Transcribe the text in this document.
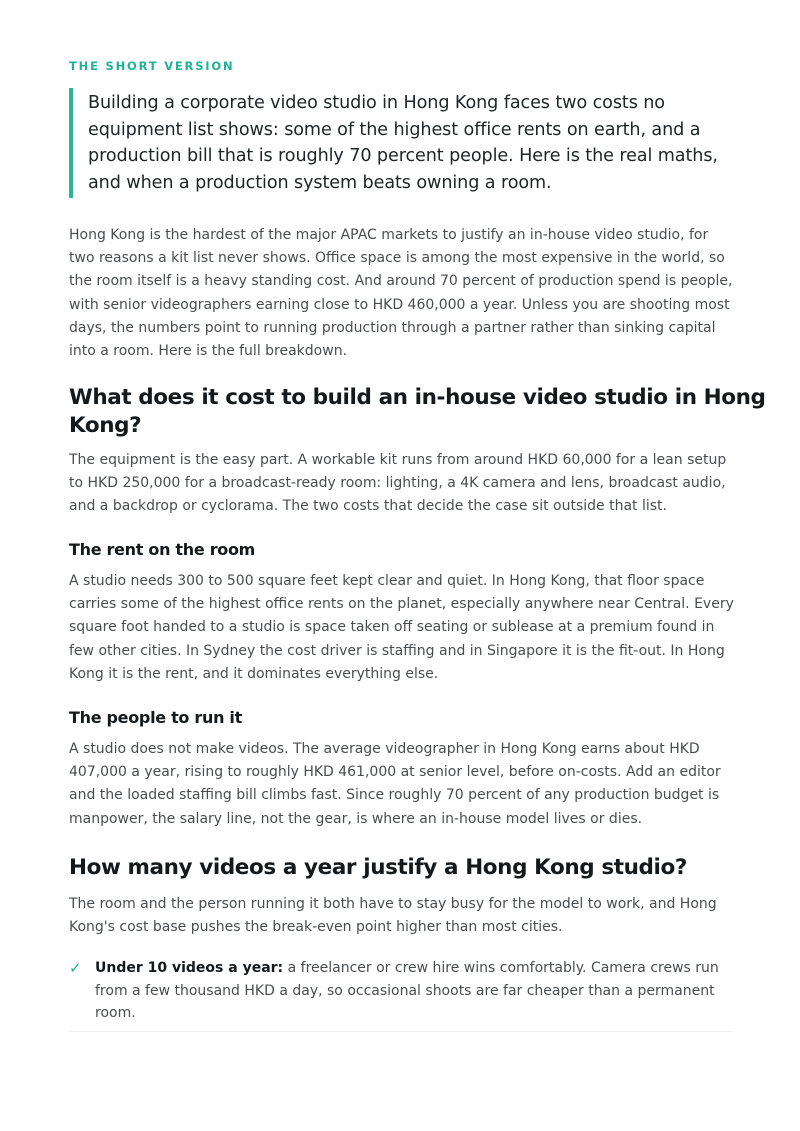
THE SHORT VERSION
Building a corporate video studio in Hong Kong faces two costs no
equipment list shows: some of the highest office rents on earth, and a
production bill that is roughly 70 percent people. Here is the real maths,
and when a production system beats owning a room.
Hong Kong is the hardest of the major APAC markets to justify an in-house video studio, for
two reasons a kit list never shows. Office space is among the most expensive in the world, so
the room itself is a heavy standing cost. And around 70 percent of production spend is people,
with senior videographers earning close to HKD 460,000 a year. Unless you are shooting most
days, the numbers point to running production through a partner rather than sinking capital
into a room. Here is the full breakdown.
What does it cost to build an in-house video studio in Hong
Kong?
The equipment is the easy part. A workable kit runs from around HKD 60,000 for a lean setup
to HKD 250,000 for a broadcast-ready room: lighting, a 4K camera and lens, broadcast audio,
and a backdrop or cyclorama. The two costs that decide the case sit outside that list.
The rent on the room
A studio needs 300 to 500 square feet kept clear and quiet. In Hong Kong, that floor space
carries some of the highest office rents on the planet, especially anywhere near Central. Every
square foot handed to a studio is space taken off seating or sublease at a premium found in
few other cities. In Sydney the cost driver is staffing and in Singapore it is the fit-out. In Hong
Kong it is the rent, and it dominates everything else.
The people to run it
A studio does not make videos. The average videographer in Hong Kong earns about HKD
407,000 a year, rising to roughly HKD 461,000 at senior level, before on-costs. Add an editor
and the loaded staffing bill climbs fast. Since roughly 70 percent of any production budget is
manpower, the salary line, not the gear, is where an in-house model lives or dies.
How many videos a year justify a Hong Kong studio?
The room and the person running it both have to stay busy for the model to work, and Hong
Kong's cost base pushes the break-even point higher than most cities.
✓ Under 10 videos a year: a freelancer or crew hire wins comfortably. Camera crews run
from a few thousand HKD a day, so occasional shoots are far cheaper than a permanent
room.
